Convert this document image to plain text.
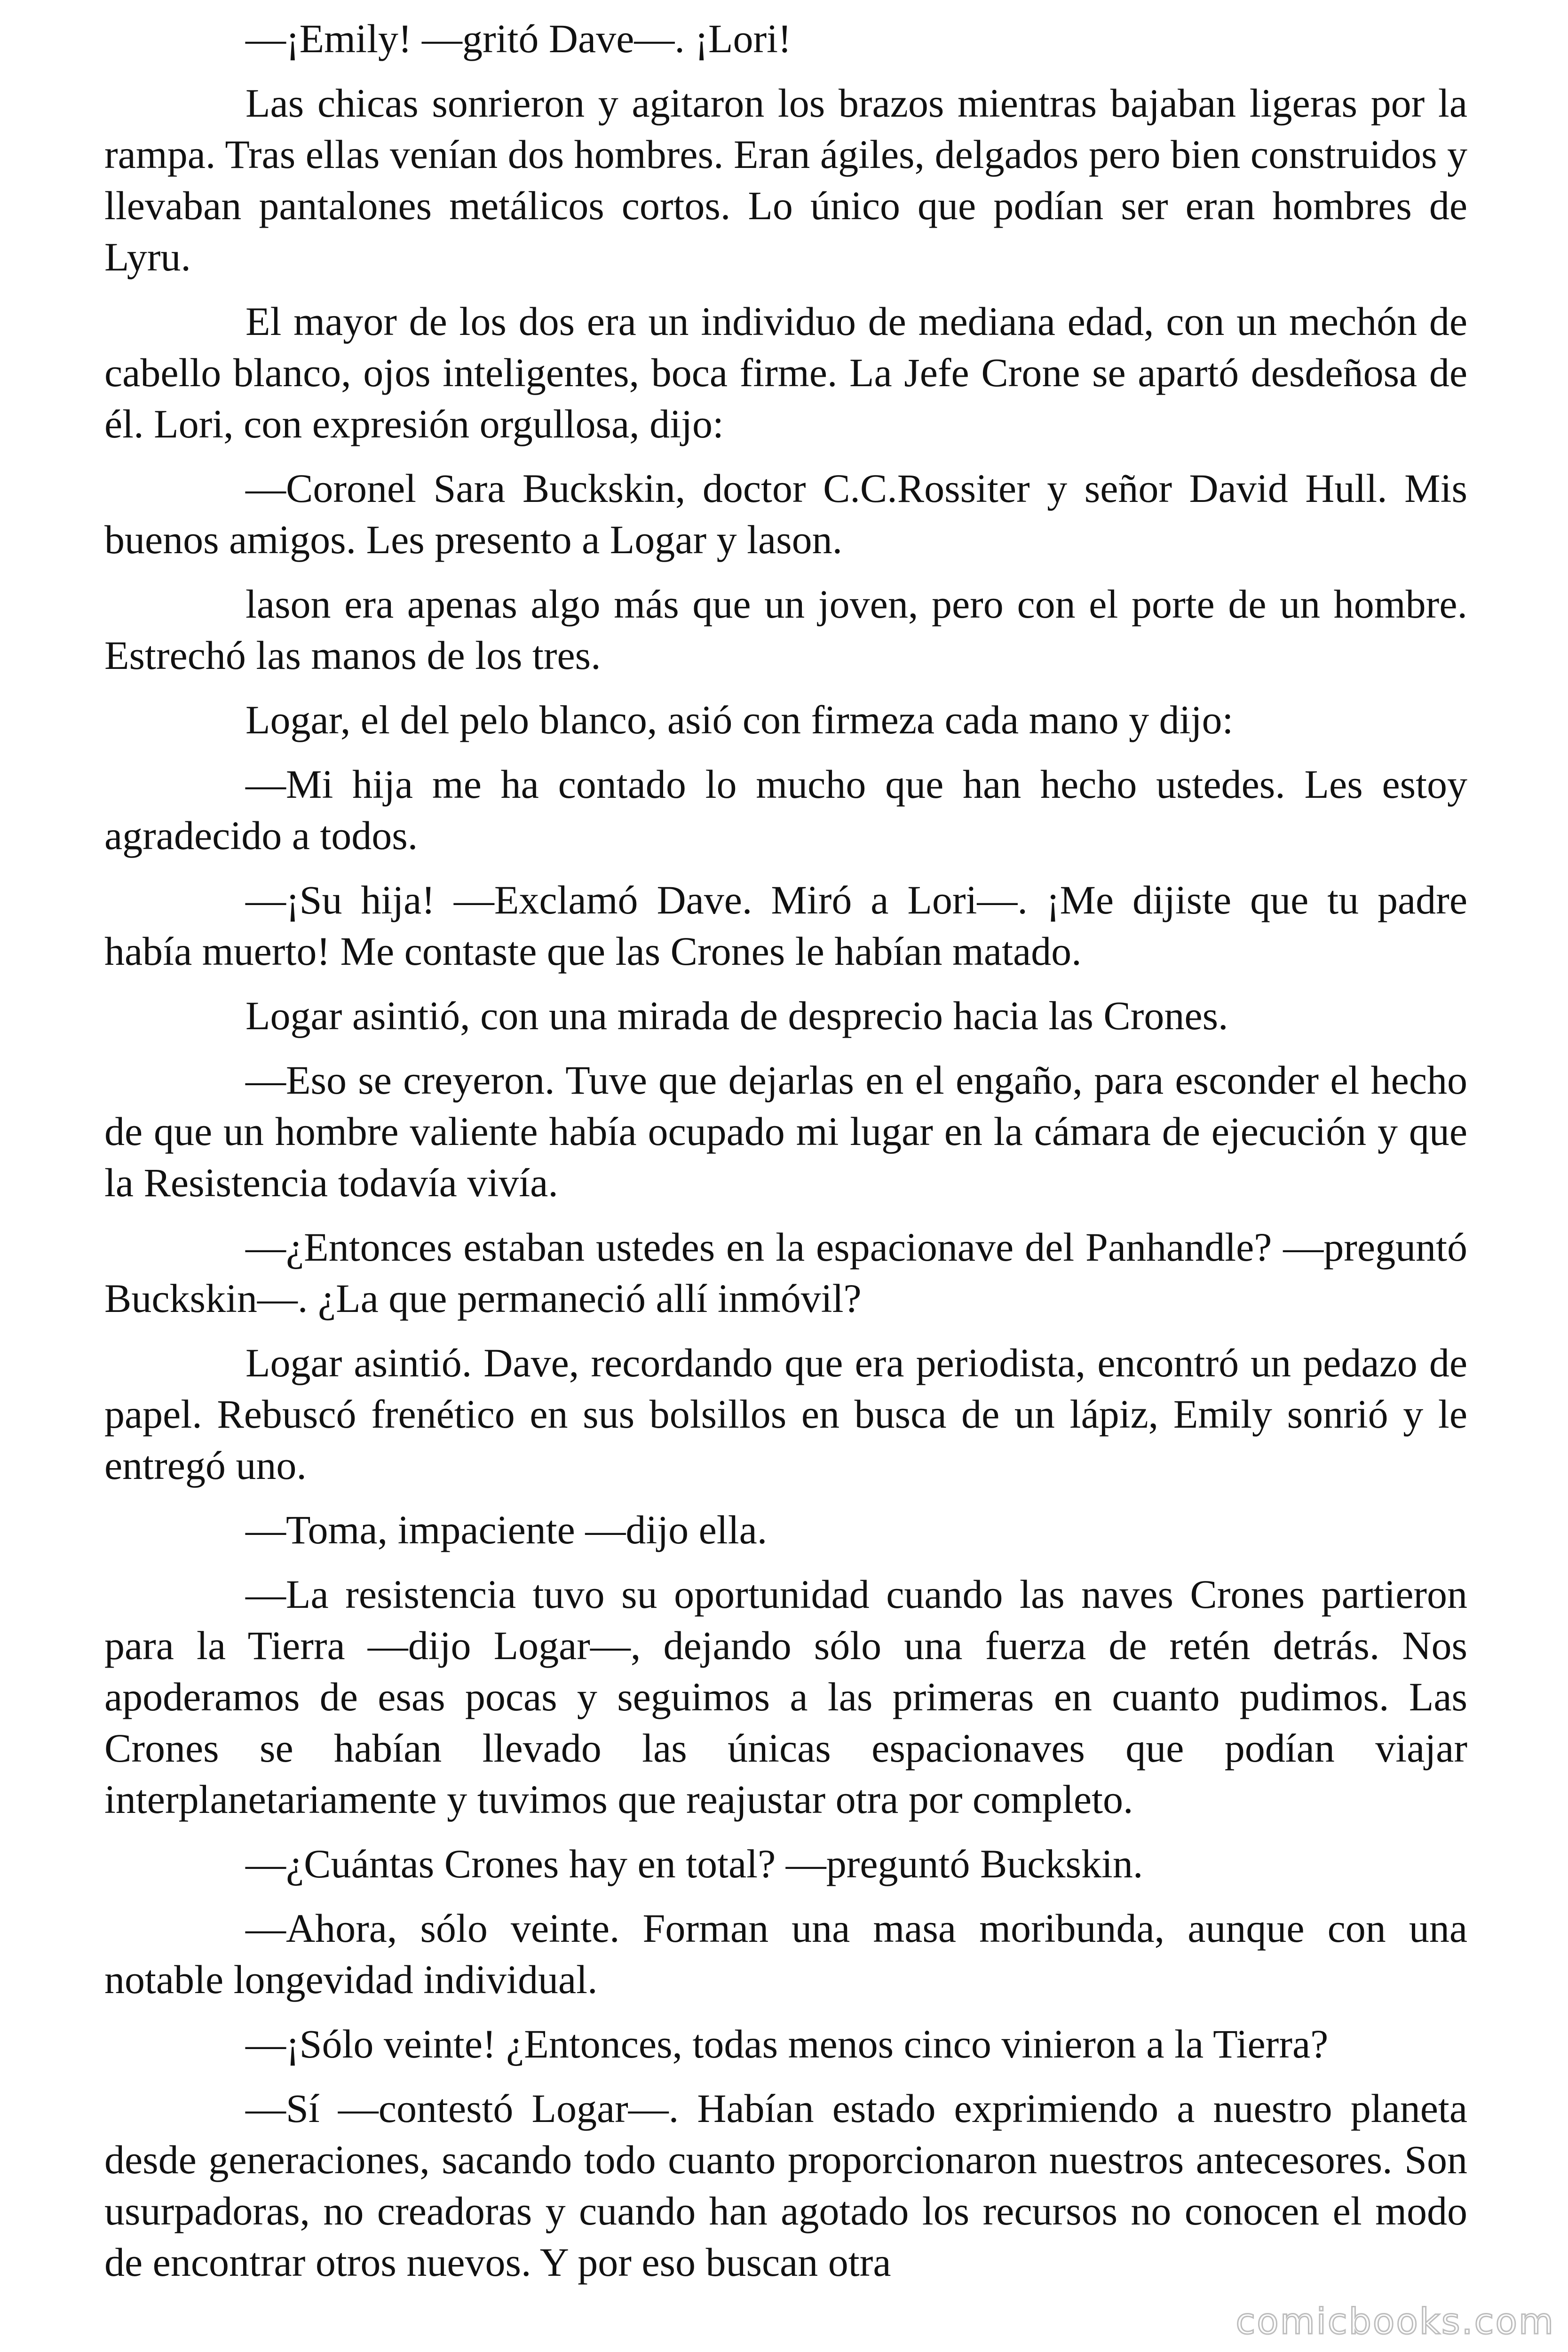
—¡Emily! —gritó Dave—. ¡Lori!

Las chicas sonrieron y agitaron los brazos mientras bajaban ligeras por la rampa. Tras ellas venían dos hombres. Eran ágiles, delgados pero bien construidos y llevaban pantalones metálicos cortos. Lo único que podían ser eran hombres de Lyru.

El mayor de los dos era un individuo de mediana edad, con un mechón de cabello blanco, ojos inteligentes, boca firme. La Jefe Crone se apartó desdeñosa de él. Lori, con expresión orgullosa, dijo:

—Coronel Sara Buckskin, doctor C.C.Rossiter y señor David Hull. Mis buenos amigos. Les presento a Logar y lason.

lason era apenas algo más que un joven, pero con el porte de un hombre. Estrechó las manos de los tres.

Logar, el del pelo blanco, asió con firmeza cada mano y dijo:

—Mi hija me ha contado lo mucho que han hecho ustedes. Les estoy agradecido a todos.

—¡Su hija! —Exclamó Dave. Miró a Lori—. ¡Me dijiste que tu padre había muerto! Me contaste que las Crones le habían matado.

Logar asintió, con una mirada de desprecio hacia las Crones.

—Eso se creyeron. Tuve que dejarlas en el engaño, para esconder el hecho de que un hombre valiente había ocupado mi lugar en la cámara de ejecución y que la Resistencia todavía vivía.

—¿Entonces estaban ustedes en la espacionave del Panhandle? —preguntó Buckskin—. ¿La que permaneció allí inmóvil?

Logar asintió. Dave, recordando que era periodista, encontró un pedazo de papel. Rebuscó frenético en sus bolsillos en busca de un lápiz, Emily sonrió y le entregó uno.

—Toma, impaciente —dijo ella.

—La resistencia tuvo su oportunidad cuando las naves Crones partieron para la Tierra —dijo Logar—, dejando sólo una fuerza de retén detrás. Nos apoderamos de esas pocas y seguimos a las primeras en cuanto pudimos. Las Crones se habían llevado las únicas espacionaves que podían viajar interplanetariamente y tuvimos que reajustar otra por completo.

—¿Cuántas Crones hay en total? —preguntó Buckskin.

—Ahora, sólo veinte. Forman una masa moribunda, aunque con una notable longevidad individual.

—¡Sólo veinte! ¿Entonces, todas menos cinco vinieron a la Tierra?

—Sí —contestó Logar—. Habían estado exprimiendo a nuestro planeta desde generaciones, sacando todo cuanto proporcionaron nuestros antecesores. Son usurpadoras, no creadoras y cuando han agotado los recursos no conocen el modo de encontrar otros nuevos. Y por eso buscan otra

comicbooks.com
